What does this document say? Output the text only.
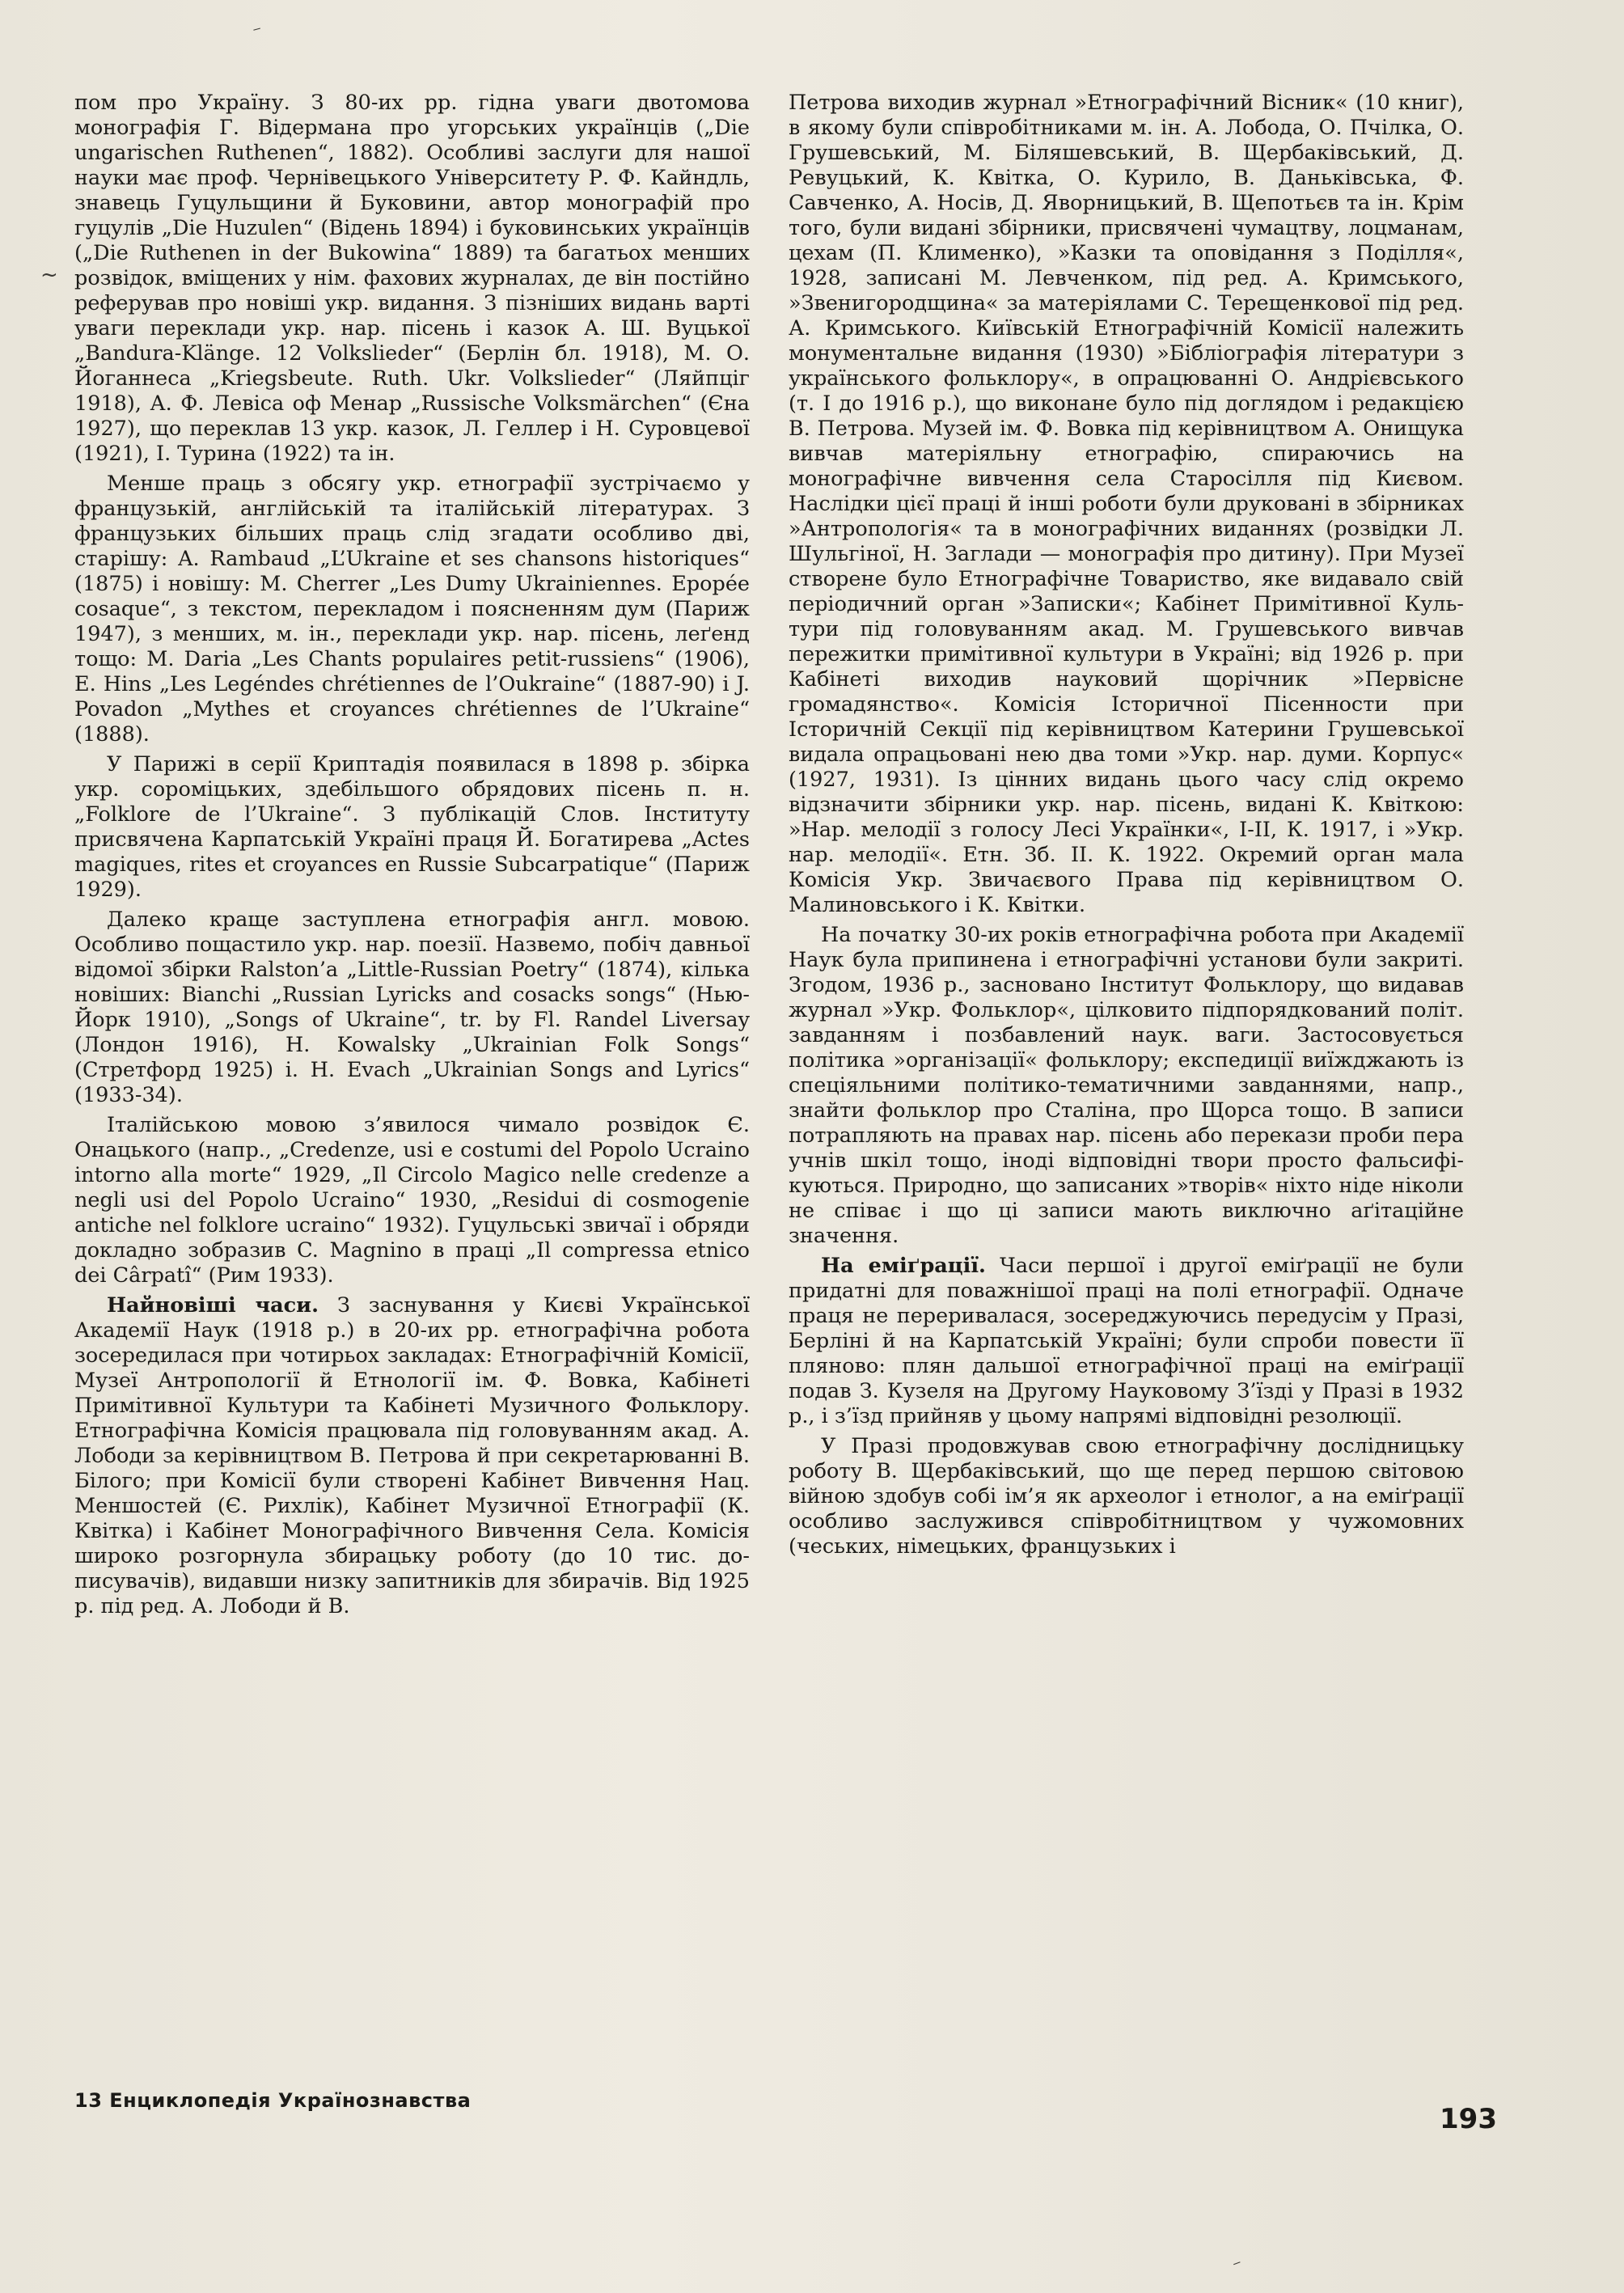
⁻
~

пом про Україну. З 80-их рр. гідна уваги двотомова монографія Г. Відермана про угорських українців („Die ungarischen Ruthenen“, 1882). Особливі заслуги для нашої науки має проф. Чернівецького Університету Р. Ф. Кайндль, знавець Гуцульщини й Буковини, автор монографій про гуцулів „Die Huzulen“ (Відень 1894) і буковинських українців („Die Ruthenen in der Bukowina“ 1889) та багатьох менших розвідок, вміщених у нім. фахових журналах, де він постійно реферував про новіші укр. видання. З пізніших видань варті уваги переклади укр. нар. пісень і казок А. Ш. Вуцької „Bandura-Klänge. 12 Volkslieder“ (Берлін бл. 1918), М. О. Йоганнеса „Kriegsbeute. Ruth. Ukr. Volkslieder“ (Ляйпціг 1918), А. Ф. Левіса оф Менар „Russische Volksmärchen“ (Єна 1927), що переклав 13 укр. казок, Л. Геллер і Н. Суровцевої (1921), І. Турина (1922) та ін.

Менше праць з обсягу укр. етнографії зустрічаємо у французькій, англійській та італійській літературах. З французьких більших праць слід згадати особливо дві, старішу: A. Rambaud „L’Ukraine et ses chansons historiques“ (1875) і новішу: M. Cherrer „Les Dumy Ukrainiennes. Epopée cosaque“, з текстом, перекладом і поясненням дум (Париж 1947), з менших, м. ін., переклади укр. нар. пісень, леґенд тощо: M. Daria „Les Chants populaires petit-russiens“ (1906), E. Hins „Les Legéndes chrétiennes de l’Oukraine“ (1887-90) і J. Povadon „Mythes et croyances chrétiennes de l’Ukraine“ (1888).

У Парижі в серії Криптадія появилася в 1898 р. збірка укр. сороміцьких, здебільшого обрядових пісень п. н. „Folklore de l’Ukraine“. З публікацій Слов. Інституту присвячена Карпатській Україні праця Й. Богатирева „Actes magiques, rites et croyances en Russie Subcarpatique“ (Париж 1929).

Далеко краще заступлена етнографія англ. мовою. Особливо пощастило укр. нар. поезії. Назвемо, побіч давньої відомої збірки Ralston’a „Little-Russian Poetry“ (1874), кілька новіших: Bianchi „Russian Lyricks and cosacks songs“ (Нью-Йорк 1910), „Songs of Ukraine“, tr. by Fl. Randel Liversay (Лондон 1916), H. Kowalsky „Ukrainian Folk Songs“ (Стретфорд 1925) і. H. Evach „Ukrainian Songs and Lyrics“ (1933-34).

Італійською мовою з’явилося чимало розвідок Є. Онацького (напр., „Credenze, usi e costumi del Popolo Ucraino intorno alla morte“ 1929, „Il Circolo Magico nelle credenze a negli usi del Popolo Ucraino“ 1930, „Residui di cosmogenie antiche nel folklore ucraino“ 1932). Гуцульські звичаї і обряди докладно зобразив C. Magnino в праці „Il compressa etnico dei Cârpatî“ (Рим 1933).

Найновіші часи. З заснування у Києві Української Академії Наук (1918 р.) в 20-их рр. етнографічна робота зосередилася при чотирьох закладах: Етнографічній Комісії, Музеї Антропології й Етнології ім. Ф. Вовка, Кабінеті Примітивної Культури та Кабінеті Музичного Фольклору. Етнографічна Комісія працювала під головуванням акад. А. Лободи за керівництвом В. Петрова й при секретарюванні В. Білого; при Комісії були створені Кабінет Вивчення Нац. Меншостей (Є. Рихлік), Кабінет Музичної Етнографії (К. Квітка) і Кабінет Монографічного Вивчення Села. Комісія широко розгорнула збирацьку роботу (до 10 тис. дописувачів), видавши низку запитників для збирачів. Від 1925 р. під ред. А. Лободи й В.

Петрова виходив журнал »Етнографічний Вісник« (10 книг), в якому були співробітниками м. ін. А. Лобода, О. Пчілка, О. Грушевський, М. Біляшевський, В. Щербаківський, Д. Ревуцький, К. Квітка, О. Курило, В. Даньківська, Ф. Савченко, А. Носів, Д. Яворницький, В. Щепотьєв та ін. Крім того, були видані збірники, присвячені чумацтву, лоцманам, цехам (П. Клименко), »Казки та оповідання з Поділля«, 1928, записані М. Левченком, під ред. А. Кримського, »Звенигородщина« за матеріялами С. Терещенкової під ред. А. Кримського. Київській Етнографічній Комісії належить монументальне видання (1930) »Бібліографія літератури з українського фольклору«, в опрацюванні О. Андрієвського (т. І до 1916 р.), що виконане було під доглядом і редакцією В. Петрова. Музей ім. Ф. Вовка під керівництвом А. Онищука вивчав матеріяльну етнографію, спираючись на монографічне вивчення села Старосілля під Києвом. Наслідки цієї праці й інші роботи були друковані в збірниках »Антропологія« та в монографічних виданнях (розвідки Л. Шульгіної, Н. Заглади — монографія про дитину). При Музеї створене було Етнографічне Товариство, яке видавало свій періодичний орган »Записки«; Кабінет Примітивної Культури під головуванням акад. М. Грушевського вивчав пережитки примітивної культури в Україні; від 1926 р. при Кабінеті виходив науковий щорічник »Первісне громадянство«. Комісія Історичної Пісенности при Історичній Секції під керівництвом Катерини Грушевської видала опрацьовані нею два томи »Укр. нар. думи. Корпус« (1927, 1931). Із цінних видань цього часу слід окремо відзначити збірники укр. нар. пісень, видані К. Квіткою: »Нар. мелодії з голосу Лесі Українки«, І-ІІ, К. 1917, і »Укр. нар. мелодії«. Етн. Зб. ІІ. К. 1922. Окремий орган мала Комісія Укр. Звичаєвого Права під керівництвом О. Малиновського і К. Квітки.

На початку 30-их років етнографічна робота при Академії Наук була припинена і етнографічні установи були закриті. Згодом, 1936 р., засновано Інститут Фольклору, що видавав журнал »Укр. Фольклор«, цілковито підпорядкований політ. завданням і позбавлений наук. ваги. Застосовується політика »організації« фольклору; експедиції виїжджають із спеціяльними політико-тематичними завданнями, напр., знайти фольклор про Сталіна, про Щорса тощо. В записи потрапляють на правах нар. пісень або перекази проби пера учнів шкіл тощо, іноді відповідні твори просто фальсифікуються. Природно, що записаних »творів« ніхто ніде ніколи не співає і що ці записи мають виключно аґітаційне значення.

На еміґрації. Часи першої і другої еміґрації не були придатні для поважнішої праці на полі етнографії. Одначе праця не переривалася, зосереджуючись передусім у Празі, Берліні й на Карпатській Україні; були спроби повести її пляново: плян дальшої етнографічної праці на еміґрації подав З. Кузеля на Другому Науковому З’їзді у Празі в 1932 р., і з’їзд прийняв у цьому напрямі відповідні резолюції.

У Празі продовжував свою етнографічну дослідницьку роботу В. Щербаківський, що ще перед першою світовою війною здобув собі ім’я як археолог і етнолог, а на еміґрації особливо заслужився співробітництвом у чужомовних (чеських, німецьких, французьких і

13 Енциклопедія Українознавства
193
⁻
